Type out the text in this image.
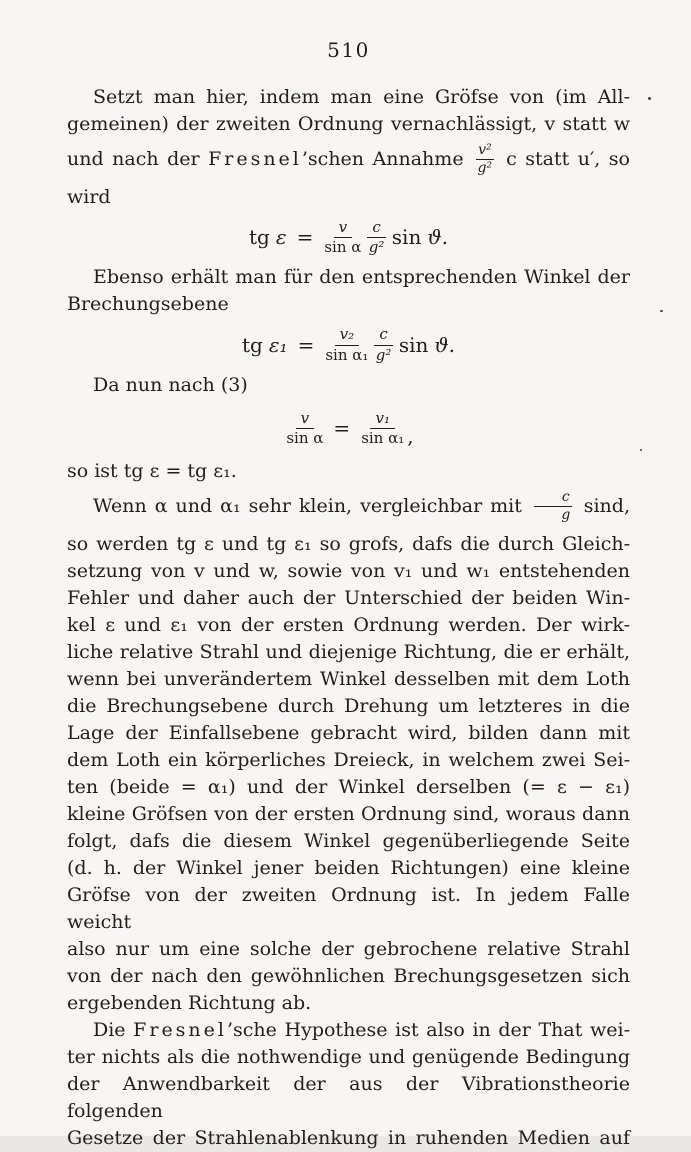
510
Setzt man hier, indem man eine Gröfse von (im All-
gemeinen) der zweiten Ordnung vernachlässigt, v statt w
und nach der Fresnel’schen Annahme $\frac{\text{v²}}{\text{g²}}$ c statt u′, so
wird
tg $\varepsilon = \frac{v}{\text{sin α}} \frac{c}{\text{g²}}$ sin ϑ.
Ebenso erhält man für den entsprechenden Winkel der
Brechungsebene
tg $\varepsilon_1 = \frac{\text{v₂}}{\text{sin α₁}} \frac{c}{\text{g²}}$ sin ϑ.
Da nun nach (3)
$\frac{v}{\text{sin α}} = \frac{\text{v₁}}{\text{sin α₁}}$ ,
so ist tg ε = tg ε₁.
Wenn α und α₁ sehr klein, vergleichbar mit $\frac{c}{g} \sin d$,
so werden tg ε und tg ε₁ so grofs, dafs die durch Gleich-
setzung von v und w, sowie von v₁ und w₁ entstehenden
Fehler und daher auch der Unterschied der beiden Win-
kel ε und ε₁ von der ersten Ordnung werden. Der wirk-
liche relative Strahl und diejenige Richtung, die er erhält,
wenn bei unverändertem Winkel desselben mit dem Loth
die Brechungsebene durch Drehung um letzteres in die
Lage der Einfallsebene gebracht wird, bilden dann mit
dem Loth ein körperliches Dreieck, in welchem zwei Sei-
ten (beide = α₁) und der Winkel derselben (= ε − ε₁)
kleine Gröfsen von der ersten Ordnung sind, woraus dann
folgt, dafs die diesem Winkel gegenüberliegende Seite
(d. h. der Winkel jener beiden Richtungen) eine kleine
Gröfse von der zweiten Ordnung ist. In jedem Falle weicht
also nur um eine solche der gebrochene relative Strahl
von der nach den gewöhnlichen Brechungsgesetzen sich
ergebenden Richtung ab.
Die Fresnel’sche Hypothese ist also in der That wei-
ter nichts als die nothwendige und genügende Bedingung
der Anwendbarkeit der aus der Vibrationstheorie folgenden
Gesetze der Strahlenablenkung in ruhenden Medien auf
